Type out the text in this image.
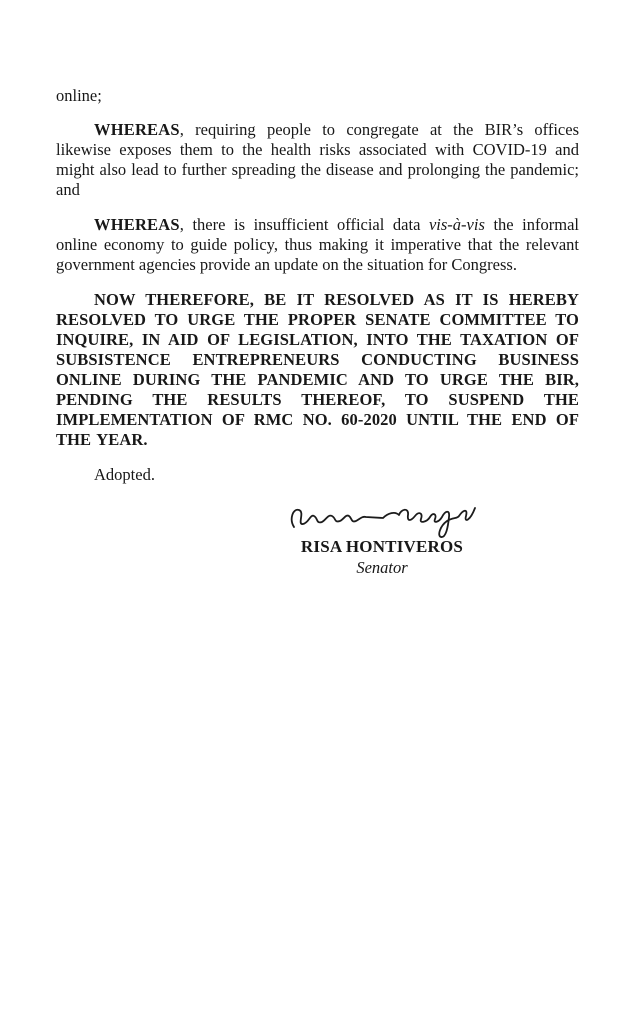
online;

WHEREAS, requiring people to congregate at the BIR’s offices likewise exposes them to the health risks associated with COVID-19 and might also lead to further spreading the disease and prolonging the pandemic; and

WHEREAS, there is insufficient official data vis-à-vis the informal online economy to guide policy, thus making it imperative that the relevant government agencies provide an update on the situation for Congress.

NOW THEREFORE, BE IT RESOLVED AS IT IS HEREBY RESOLVED TO URGE THE PROPER SENATE COMMITTEE TO INQUIRE, IN AID OF LEGISLATION, INTO THE TAXATION OF SUBSISTENCE ENTREPRENEURS CONDUCTING BUSINESS ONLINE DURING THE PANDEMIC AND TO URGE THE BIR, PENDING THE RESULTS THEREOF, TO SUSPEND THE IMPLEMENTATION OF RMC NO. 60-2020 UNTIL THE END OF THE YEAR.

Adopted.

RISA HONTIVEROS
Senator
